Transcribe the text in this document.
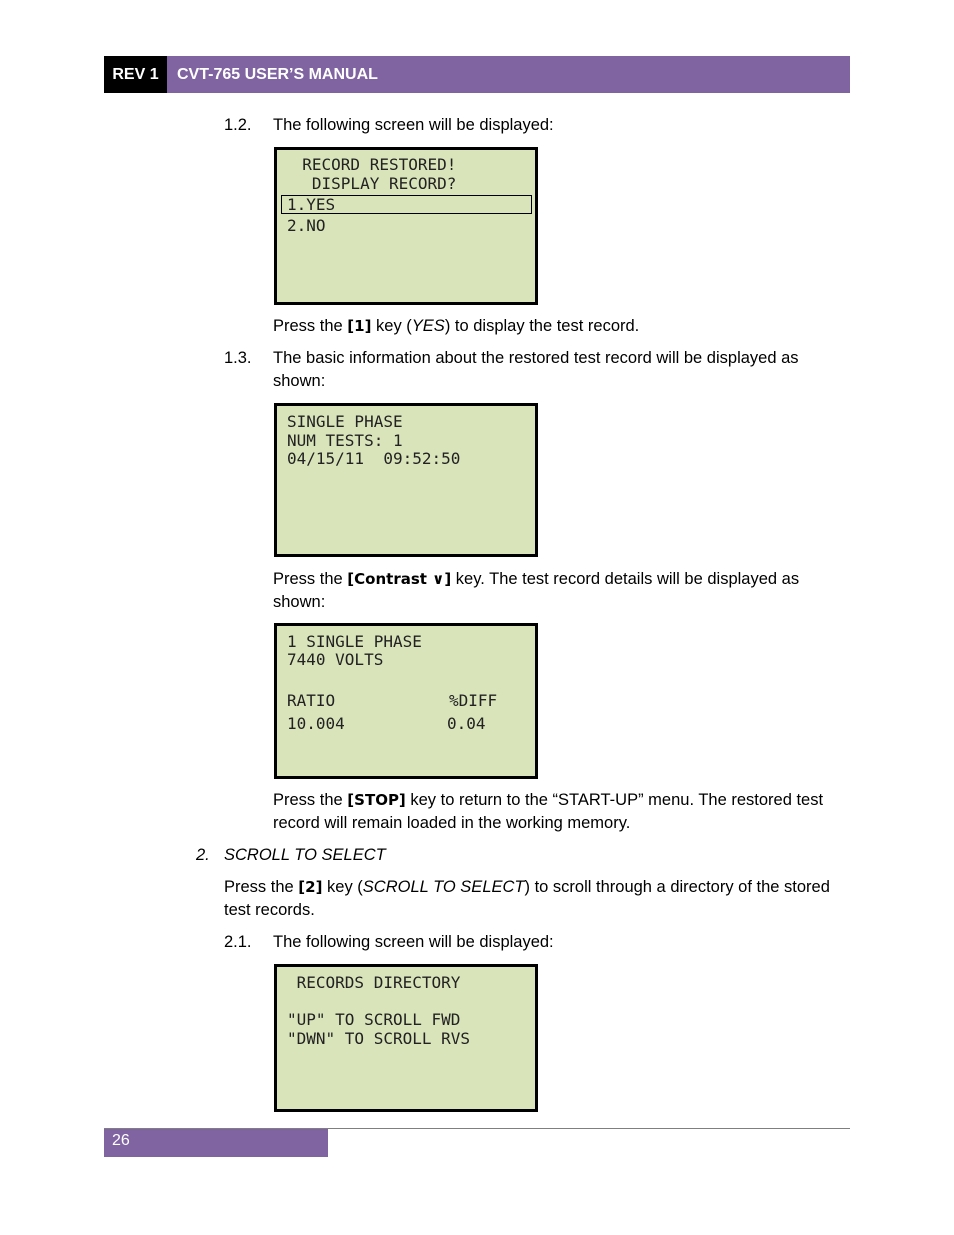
REV 1	CVT-765 USER’S MANUAL
1.2. The following screen will be displayed:
RECORD RESTORED!
DISPLAY RECORD?
1.YES
2.NO
Press the [1] key (YES) to display the test record.
1.3. The basic information about the restored test record will be displayed as shown:
SINGLE PHASE
NUM TESTS: 1
04/15/11  09:52:50
Press the [Contrast ∨] key. The test record details will be displayed as shown:
1 SINGLE PHASE
7440 VOLTS
RATIO	%DIFF
10.004	0.04
Press the [STOP] key to return to the “START-UP” menu. The restored test record will remain loaded in the working memory.
2. SCROLL TO SELECT
Press the [2] key (SCROLL TO SELECT) to scroll through a directory of the stored test records.
2.1. The following screen will be displayed:
RECORDS DIRECTORY
"UP" TO SCROLL FWD
"DWN" TO SCROLL RVS
26
